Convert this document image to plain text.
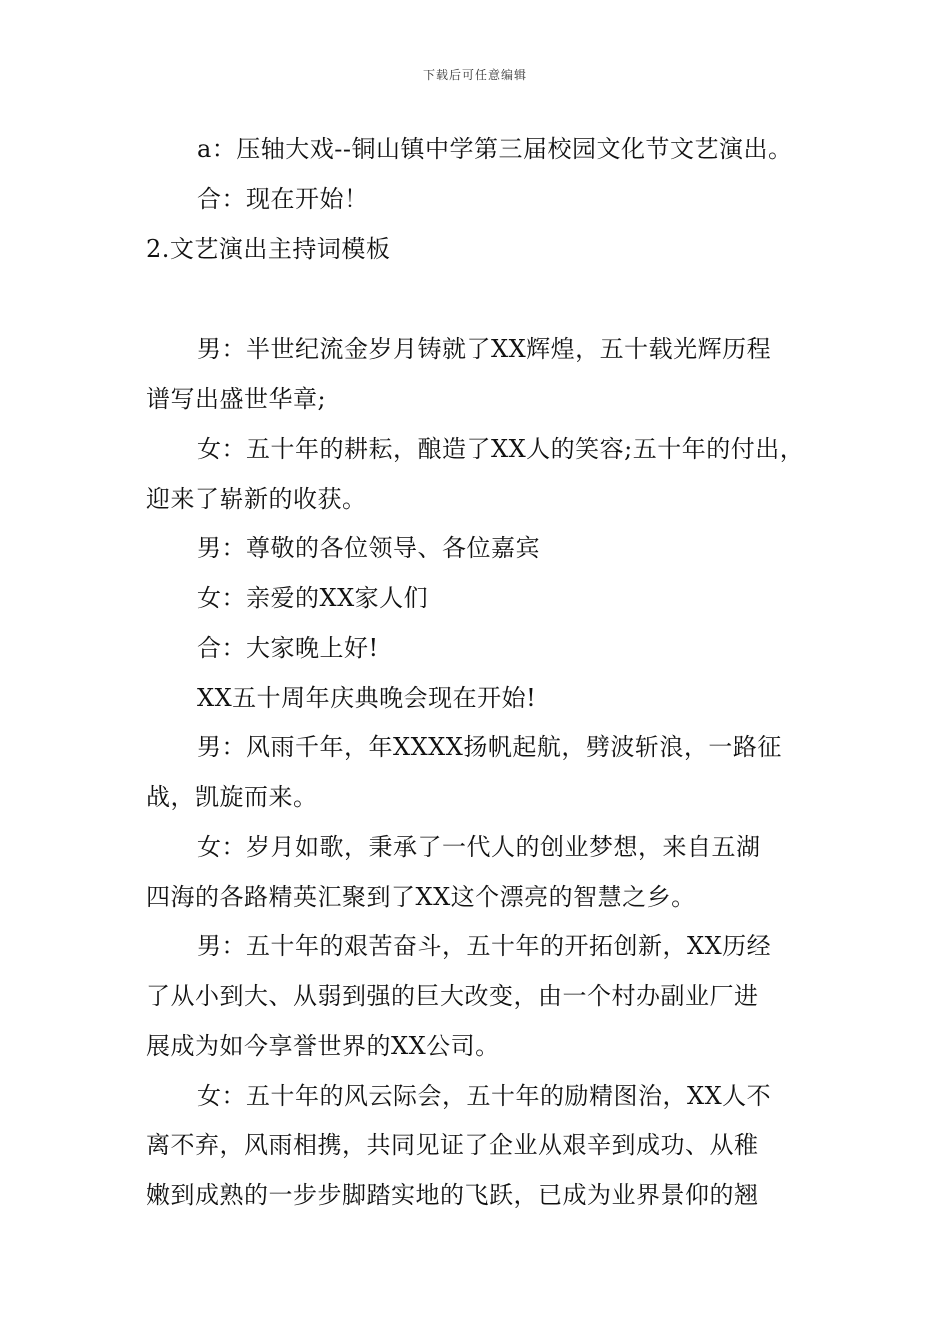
下载后可任意编辑
a：压轴大戏--铜山镇中学第三届校园文化节文艺演出。
合：现在开始！
2.文艺演出主持词模板
男：半世纪流金岁月铸就了XX辉煌，五十载光辉历程
谱写出盛世华章;
女：五十年的耕耘，酿造了XX人的笑容;五十年的付出，
迎来了崭新的收获。
男：尊敬的各位领导、各位嘉宾
女：亲爱的XX家人们
合：大家晚上好!
XX五十周年庆典晚会现在开始!
男：风雨千年，年XXXX扬帆起航，劈波斩浪，一路征
战，凯旋而来。
女：岁月如歌，秉承了一代人的创业梦想，来自五湖
四海的各路精英汇聚到了XX这个漂亮的智慧之乡。
男：五十年的艰苦奋斗，五十年的开拓创新，XX历经
了从小到大、从弱到强的巨大改变，由一个村办副业厂进
展成为如今享誉世界的XX公司。
女：五十年的风云际会，五十年的励精图治，XX人不
离不弃，风雨相携，共同见证了企业从艰辛到成功、从稚
嫩到成熟的一步步脚踏实地的飞跃，已成为业界景仰的翘
